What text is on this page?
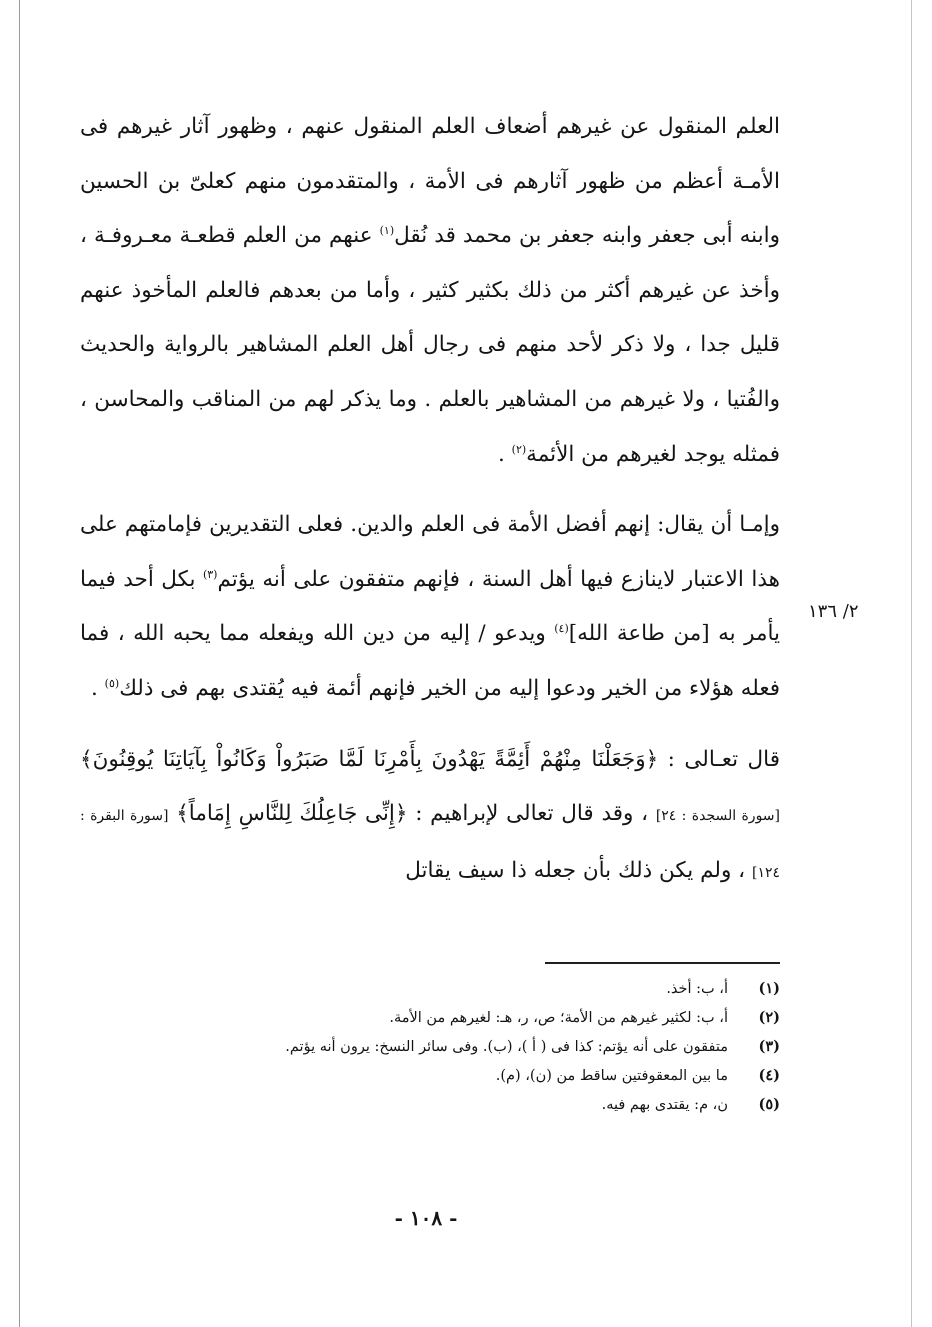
٢/ ١٣٦

العلم المنقول عن غيرهم أضعاف العلم المنقول عنهم ، وظهور آثار غيرهم فى الأمـة أعظم من ظهور آثارهم فى الأمة ، والمتقدمون منهم كعلىّ بن الحسين وابنه أبى جعفر وابنه جعفر بن محمد قد نُقل$^{(١)}$ عنهم من العلم قطعـة معـروفـة ، وأخذ عن غيرهم أكثر من ذلك بكثير كثير ، وأما من بعدهم فالعلم المأخوذ عنهم قليل جدا ، ولا ذكر لأحد منهم فى رجال أهل العلم المشاهير بالرواية والحديث والفُتيا ، ولا غيرهم من المشاهير بالعلم . وما يذكر لهم من المناقب والمحاسن ، فمثله يوجد لغيرهم من الأئمة$^{(٢)}$ .

وإمـا أن يقال: إنهم أفضل الأمة فى العلم والدين. فعلى التقديرين فإمامتهم على هذا الاعتبار لاينازع فيها أهل السنة ، فإنهم متفقون على أنه يؤتم$^{(٣)}$ بكل أحد فيما يأمر به [من طاعة الله]$^{(٤)}$ ويدعو / إليه من دين الله ويفعله مما يحبه الله ، فما فعله هؤلاء من الخير ودعوا إليه من الخير فإنهم أئمة فيه يُقتدى بهم فى ذلك$^{(٥)}$ .

قال تعـالى : ﴿وَجَعَلْنَا مِنْهُمْ أَئِمَّةً يَهْدُونَ بِأَمْرِنَا لَمَّا صَبَرُواْ وَكَانُواْ بِآيَاتِنَا يُوقِنُونَ﴾ [سورة السجدة : ٢٤] ، وقد قال تعالى لإبراهيم : ﴿إِنِّى جَاعِلُكَ لِلنَّاسِ إِمَاماً﴾ [سورة البقرة : ١٢٤] ، ولم يكن ذلك بأن جعله ذا سيف يقاتل

(١)
أ، ب: أخذ.
(٢)
أ، ب: لكثير غيرهم من الأمة؛ ص، ر، هـ: لغيرهم من الأمة.
(٣)
متفقون على أنه يؤتم: كذا فى ( أ )، (ب). وفى سائر النسخ: يرون أنه يؤتم.
(٤)
ما بين المعقوفتين ساقط من (ن)، (م).
(٥)
ن، م: يقتدى بهم فيه.
- ١٠٨ -
